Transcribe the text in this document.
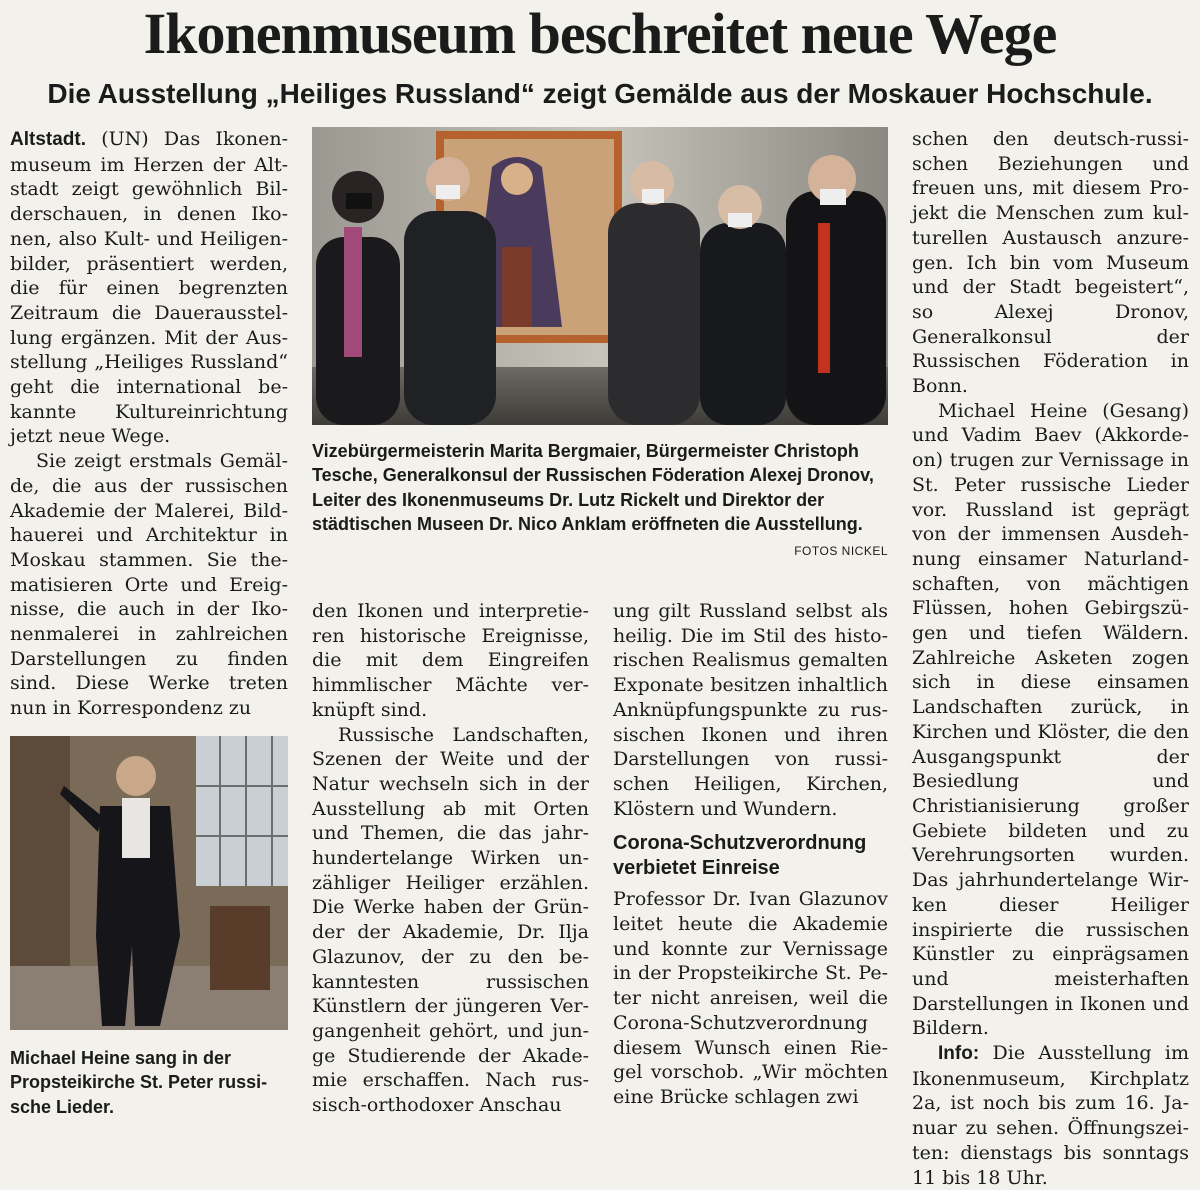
Ikonenmuseum beschreitet neue Wege
Die Ausstellung „Heiliges Russland“ zeigt Gemälde aus der Moskauer Hochschule.

Altstadt. (UN) Das Ikonenmuseum im Herzen der Altstadt zeigt gewöhnlich Bilderschauen, in denen Ikonen, also Kult- und Heiligenbilder, präsentiert werden, die für einen begrenzten Zeitraum die Dauerausstellung ergänzen. Mit der Ausstellung „Heiliges Russland“ geht die international bekannte Kultureinrichtung jetzt neue Wege.

Sie zeigt erstmals Gemälde, die aus der russischen Akademie der Malerei, Bildhauerei und Architektur in Moskau stammen. Sie thematisieren Orte und Ereignisse, die auch in der Ikonenmalerei in zahlreichen Darstellungen zu finden sind. Diese Werke treten nun in Korrespondenz zu

Vizebürgermeisterin Marita Bergmaier, Bürgermeister Christoph Tesche, Generalkonsul der Russischen Föderation Alexej Dronov, Leiter des Ikonenmuseums Dr. Lutz Rickelt und Direktor der städtischen Museen Dr. Nico Anklam eröffneten die Ausstellung.
FOTOS NICKEL

den Ikonen und interpretieren historische Ereignisse, die mit dem Eingreifen himmlischer Mächte verknüpft sind.

Russische Landschaften, Szenen der Weite und der Natur wechseln sich in der Ausstellung ab mit Orten und Themen, die das jahrhundertelange Wirken unzähliger Heiliger erzählen. Die Werke haben der Gründer der Akademie, Dr. Ilja Glazunov, der zu den bekanntesten russischen Künstlern der jüngeren Vergangenheit gehört, und junge Studierende der Akademie erschaffen. Nach russisch-orthodoxer Anschau

ung gilt Russland selbst als heilig. Die im Stil des historischen Realismus gemalten Exponate besitzen inhaltlich Anknüpfungspunkte zu russischen Ikonen und ihren Darstellungen von russischen Heiligen, Kirchen, Klöstern und Wundern.

Corona-Schutzverordnung verbietet Einreise

Professor Dr. Ivan Glazunov leitet heute die Akademie und konnte zur Vernissage in der Propsteikirche St. Peter nicht anreisen, weil die Corona-Schutzverordnung diesem Wunsch einen Riegel vorschob. „Wir möchten eine Brücke schlagen zwi

schen den deutsch-russischen Beziehungen und freuen uns, mit diesem Projekt die Menschen zum kulturellen Austausch anzuregen. Ich bin vom Museum und der Stadt begeistert“, so Alexej Dronov, Generalkonsul der Russischen Föderation in Bonn.

Michael Heine (Gesang) und Vadim Baev (Akkordeon) trugen zur Vernissage in St. Peter russische Lieder vor. Russland ist geprägt von der immensen Ausdehnung einsamer Naturlandschaften, von mächtigen Flüssen, hohen Gebirgszügen und tiefen Wäldern. Zahlreiche Asketen zogen sich in diese einsamen Landschaften zurück, in Kirchen und Klöster, die den Ausgangspunkt der Besiedlung und Christianisierung großer Gebiete bildeten und zu Verehrungsorten wurden. Das jahrhundertelange Wirken dieser Heiliger inspirierte die russischen Künstler zu einprägsamen und meisterhaften Darstellungen in Ikonen und Bildern.

Info: Die Ausstellung im Ikonenmuseum, Kirchplatz 2a, ist noch bis zum 16. Januar zu sehen. Öffnungszeiten: dienstags bis sonntags 11 bis 18 Uhr.

Michael Heine sang in der Propsteikirche St. Peter russische Lieder.
